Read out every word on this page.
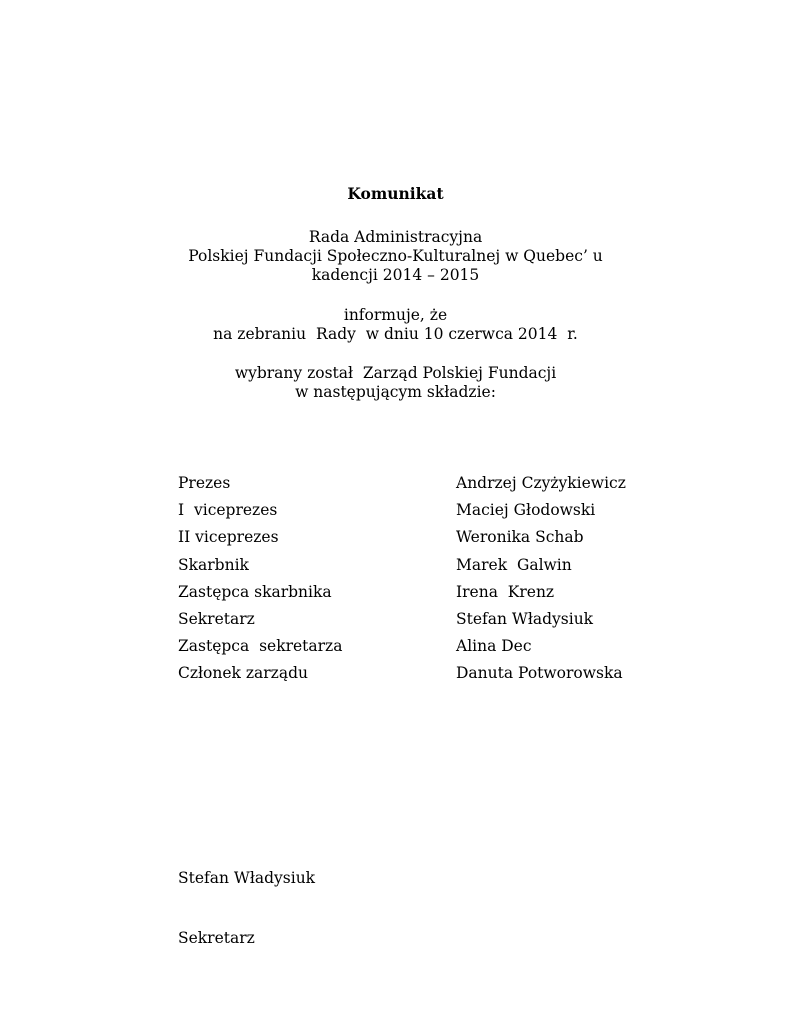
Komunikat
Rada Administracyjna
Polskiej Fundacji Społeczno-Kulturalnej w Quebec’ u
kadencji 2014 – 2015
informuje, że
na zebraniu  Rady  w dniu 10 czerwca 2014  r.
wybrany został  Zarząd Polskiej Fundacji
w następującym składzie:
Prezes	Andrzej Czyżykiewicz
I  viceprezes	Maciej Głodowski
II viceprezes	Weronika Schab
Skarbnik	Marek  Galwin
Zastępca skarbnika	Irena  Krenz
Sekretarz	Stefan Władysiuk
Zastępca  sekretarza	Alina Dec
Członek zarządu	Danuta Potworowska

Stefan Władysiuk

Sekretarz
